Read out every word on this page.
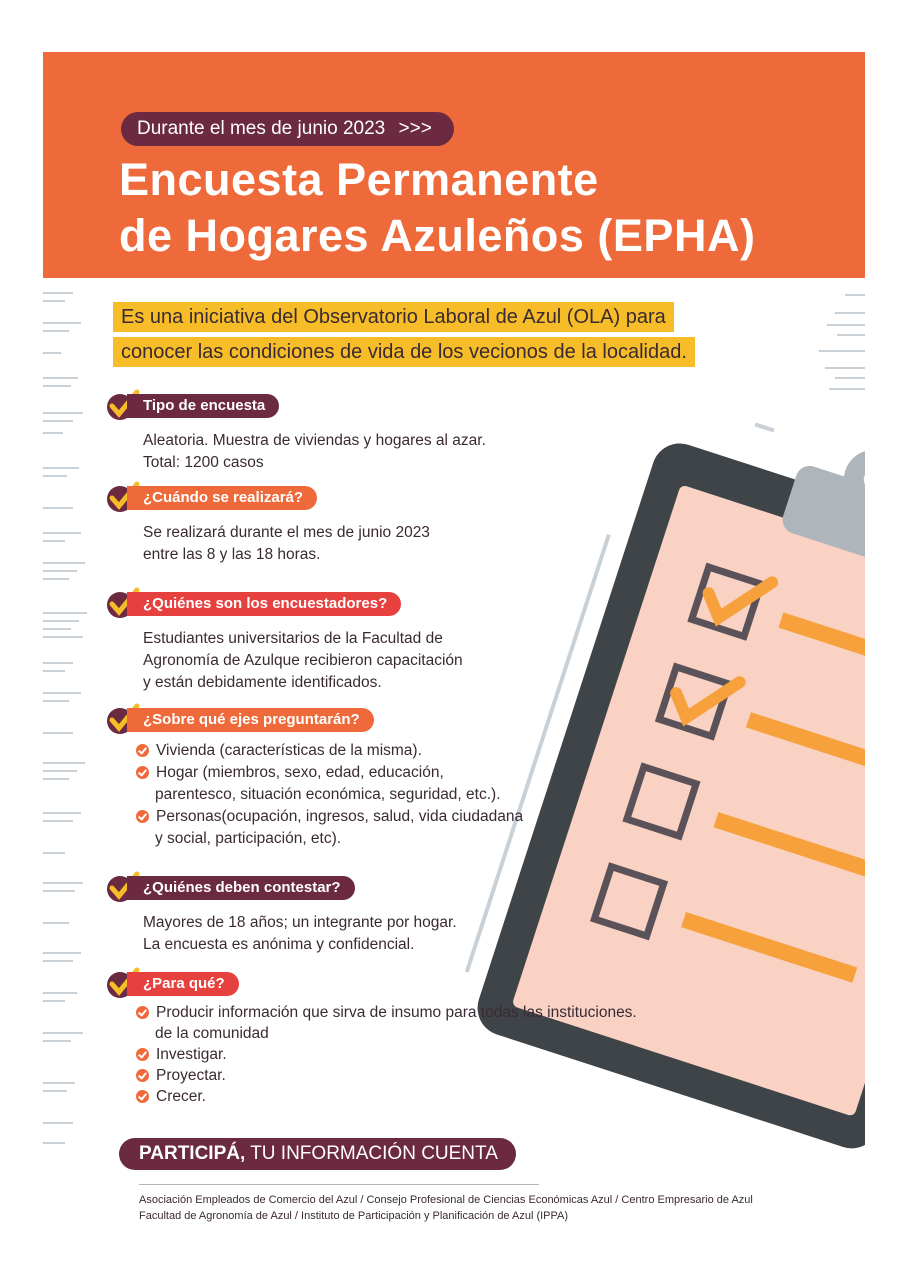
Durante el mes de junio 2023 >>>
Encuesta Permanente
de Hogares Azuleños (EPHA)
Es una iniciativa del Observatorio Laboral de Azul (OLA) para
conocer las condiciones de vida de los vecionos de la localidad.
Tipo de encuesta
Aleatoria. Muestra de viviendas y hogares al azar.
Total: 1200 casos
¿Cuándo se realizará?
Se realizará durante el mes de junio 2023
entre las 8 y las 18 horas.
¿Quiénes son los encuestadores?
Estudiantes universitarios de la Facultad de
Agronomía de Azulque recibieron capacitación
y están debidamente identificados.
¿Sobre qué ejes preguntarán?
Vivienda (características de la misma).
Hogar (miembros, sexo, edad, educación,
parentesco, situación económica, seguridad, etc.).
Personas(ocupación, ingresos, salud, vida ciudadana
y social, participación, etc).
¿Quiénes deben contestar?
Mayores de 18 años; un integrante por hogar.
La encuesta es anónima y confidencial.
¿Para qué?
Producir información que sirva de insumo para todas las instituciones.
de la comunidad
Investigar.
Proyectar.
Crecer.
PARTICIPÁ, TU INFORMACIÓN CUENTA
Asociación Empleados de Comercio del Azul / Consejo Profesional de Ciencias Económicas Azul / Centro Empresario de Azul
Facultad de Agronomía de Azul / Instituto de Participación y Planificación de Azul (IPPA)
